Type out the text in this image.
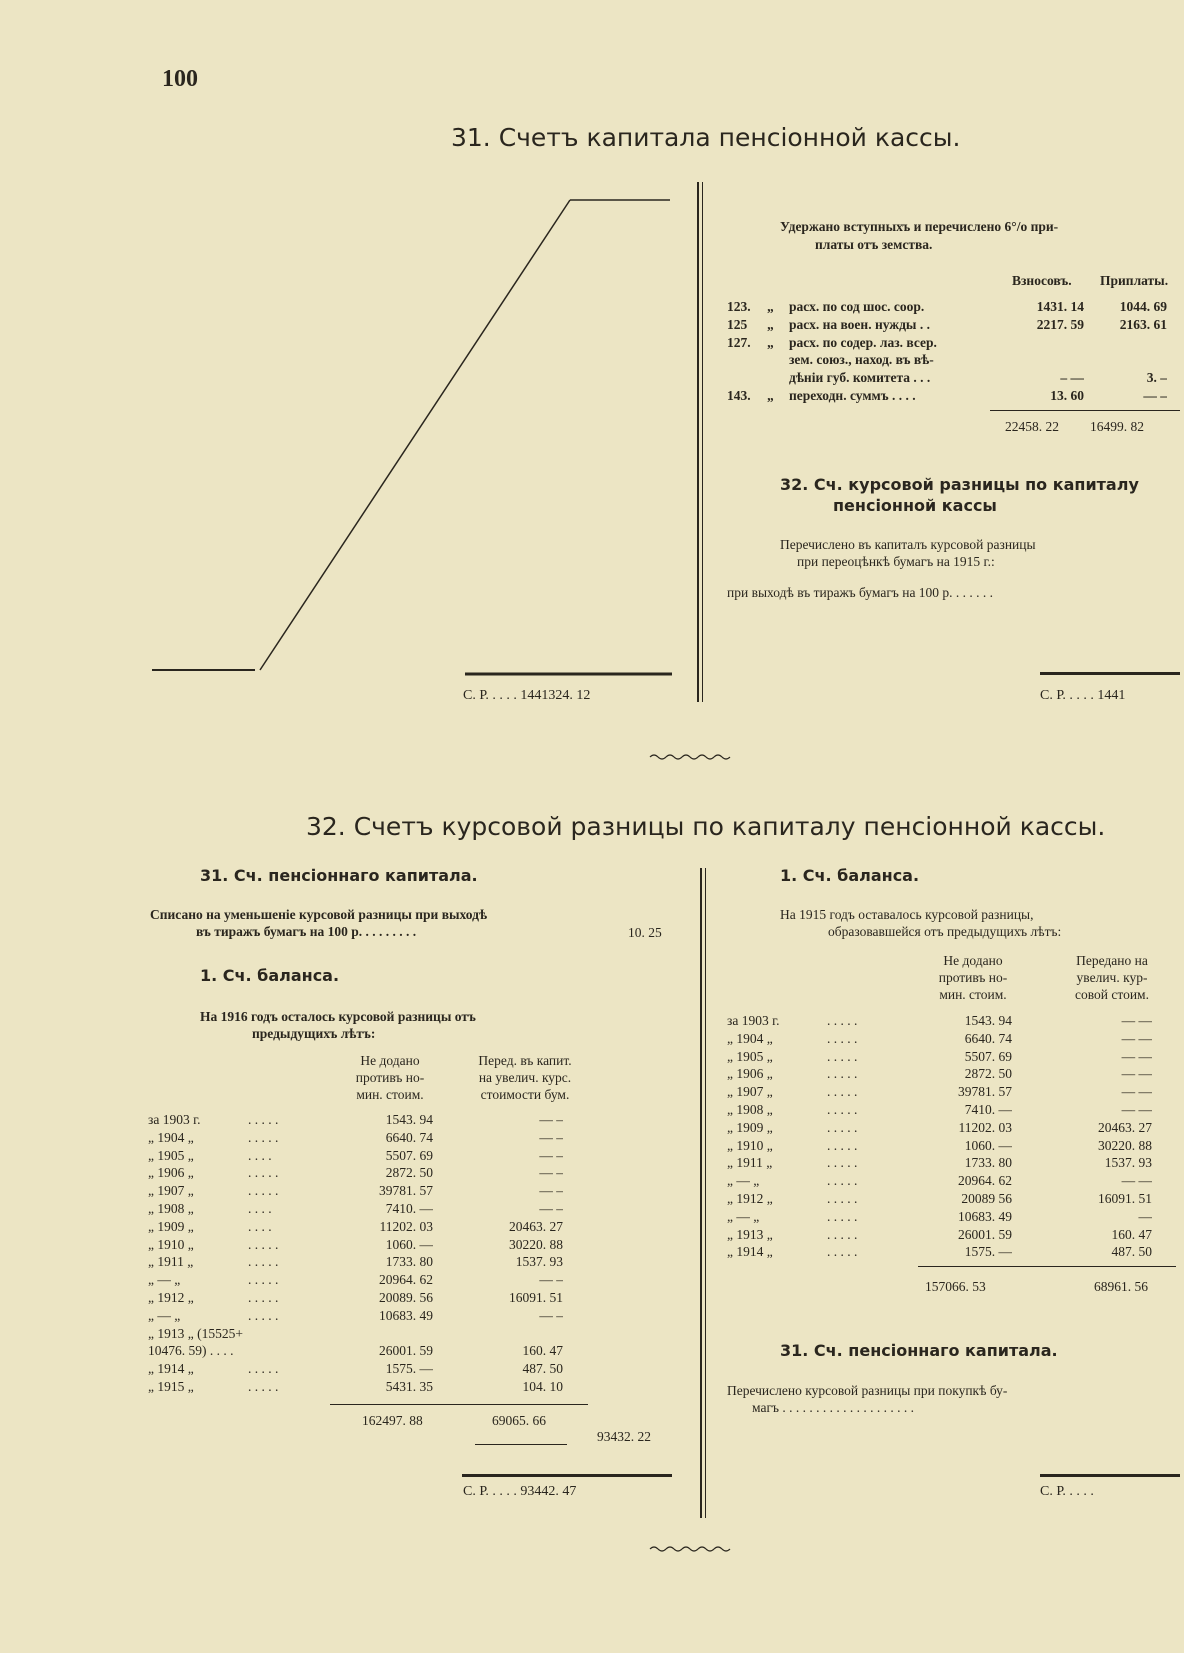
100
31. Счетъ капитала пенсіонной кассы.
Удержано вступныхъ и перечислено 6°/о при-
платы отъ земства.
Взносовъ. Приплаты.
123.	„	расх. по сод шос. соор.	1431. 14	1044. 69
125	„	расх. на воен. нужды . .	2217. 59	2163. 61
127.	„	расх. по содер. лаз. всер.
зем. союз., наход. въ вѣ-
дѣніи губ. комитета . . .	– —	3. –
143.	„	переходн. суммъ . . . .	13. 60	— –
22458. 22 16499. 82
32. Сч. курсовой разницы по капиталу
пенсіонной кассы
Перечислено въ капиталъ курсовой разницы
при переоцѣнкѣ бумагъ на 1915 г.:
при выходѣ въ тиражъ бумагъ на 100 р. . . . . . .
С. Р. . . . . 1441324. 12	С. Р. . . . . 1441
32. Счетъ курсовой разницы по капиталу пенсіонной кассы.
31. Сч. пенсіоннаго капитала.
Списано на уменьшеніе курсовой разницы при выходѣ
въ тиражъ бумагъ на 100 р. . . . . . . . .	10. 25
1. Сч. баланса.
На 1916 годъ осталось курсовой разницы отъ
предыдущихъ лѣтъ:
Не додано
противъ но-
мин. стоим.
Перед. въ капит.
на увелич. курс.
стоимости бум.
за 1903 г.	. . . . .	1543. 94	— –
„ 1904 „	. . . . .	6640. 74	— –
„ 1905 „	. . . .	5507. 69	— –
„ 1906 „	. . . . .	2872. 50	— –
„ 1907 „	. . . . .	39781. 57	— –
„ 1908 „	. . . .	7410. —	— –
„ 1909 „	. . . .	11202. 03	20463. 27
„ 1910 „	. . . . .	1060. —	30220. 88
„ 1911 „	. . . . .	1733. 80	1537. 93
„ — „	. . . . .	20964. 62	— –
„ 1912 „	. . . . .	20089. 56	16091. 51
„ — „	. . . . .	10683. 49	— –
„ 1913 „ (15525+
10476. 59) . . . .	26001. 59	160. 47
„ 1914 „	. . . . .	1575. —	487. 50
„ 1915 „	. . . . .	5431. 35	104. 10
162497. 88	69065. 66
93432. 22
С. Р. . . . . 93442. 47
1. Сч. баланса.
На 1915 годъ оставалось курсовой разницы,
образовавшейся отъ предыдущихъ лѣтъ:
Не додано
противъ но-
мин. стоим.
Передано на
увелич. кур-
совой стоим.
за 1903 г.	. . . . .	1543. 94	— —
„ 1904 „	. . . . .	6640. 74	— —
„ 1905 „	. . . . .	5507. 69	— —
„ 1906 „	. . . . .	2872. 50	— —
„ 1907 „	. . . . .	39781. 57	— —
„ 1908 „	. . . . .	7410. —	— —
„ 1909 „	. . . . .	11202. 03	20463. 27
„ 1910 „	. . . . .	1060. —	30220. 88
„ 1911 „	. . . . .	1733. 80	1537. 93
„ — „	. . . . .	20964. 62	— —
„ 1912 „	. . . . .	20089 56	16091. 51
„ — „	. . . . .	10683. 49	—
„ 1913 „	. . . . .	26001. 59	160. 47
„ 1914 „	. . . . .	1575. —	487. 50
157066. 53	68961. 56
31. Сч. пенсіоннаго капитала.
Перечислено курсовой разницы при покупкѣ бу-
магъ . . . . . . . . . . . . . . . . . . . .
С. Р. . . . .
